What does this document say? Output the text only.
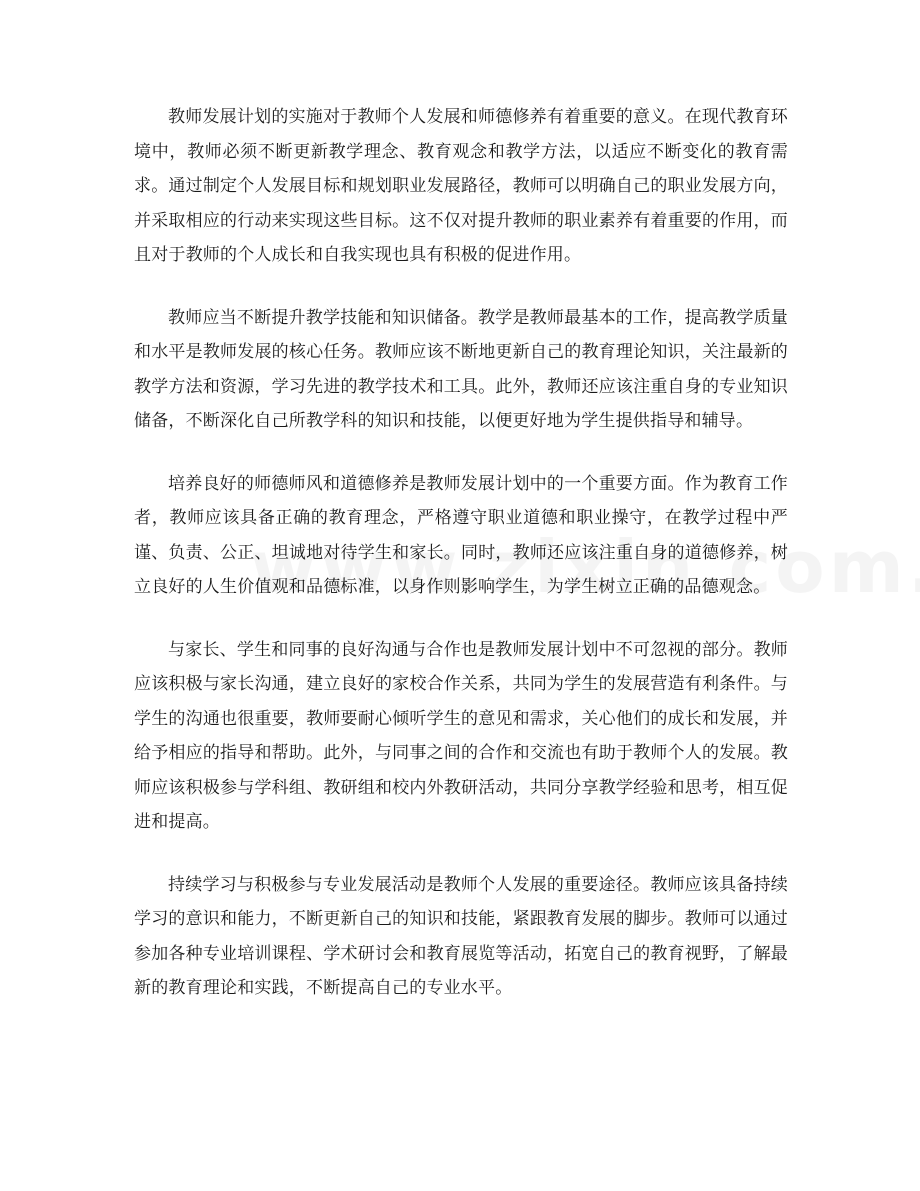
教师发展计划的实施对于教师个人发展和师德修养有着重要的意义。在现代教育环境中，教师必须不断更新教学理念、教育观念和教学方法，以适应不断变化的教育需求。通过制定个人发展目标和规划职业发展路径，教师可以明确自己的职业发展方向，并采取相应的行动来实现这些目标。这不仅对提升教师的职业素养有着重要的作用，而且对于教师的个人成长和自我实现也具有积极的促进作用。

教师应当不断提升教学技能和知识储备。教学是教师最基本的工作，提高教学质量和水平是教师发展的核心任务。教师应该不断地更新自己的教育理论知识，关注最新的教学方法和资源，学习先进的教学技术和工具。此外，教师还应该注重自身的专业知识储备，不断深化自己所教学科的知识和技能，以便更好地为学生提供指导和辅导。

培养良好的师德师风和道德修养是教师发展计划中的一个重要方面。作为教育工作者，教师应该具备正确的教育理念，严格遵守职业道德和职业操守，在教学过程中严谨、负责、公正、坦诚地对待学生和家长。同时，教师还应该注重自身的道德修养，树立良好的人生价值观和品德标准，以身作则影响学生，为学生树立正确的品德观念。

与家长、学生和同事的良好沟通与合作也是教师发展计划中不可忽视的部分。教师应该积极与家长沟通，建立良好的家校合作关系，共同为学生的发展营造有利条件。与学生的沟通也很重要，教师要耐心倾听学生的意见和需求，关心他们的成长和发展，并给予相应的指导和帮助。此外，与同事之间的合作和交流也有助于教师个人的发展。教师应该积极参与学科组、教研组和校内外教研活动，共同分享教学经验和思考，相互促进和提高。

持续学习与积极参与专业发展活动是教师个人发展的重要途径。教师应该具备持续学习的意识和能力，不断更新自己的知识和技能，紧跟教育发展的脚步。教师可以通过参加各种专业培训课程、学术研讨会和教育展览等活动，拓宽自己的教育视野，了解最新的教育理论和实践，不断提高自己的专业水平。
